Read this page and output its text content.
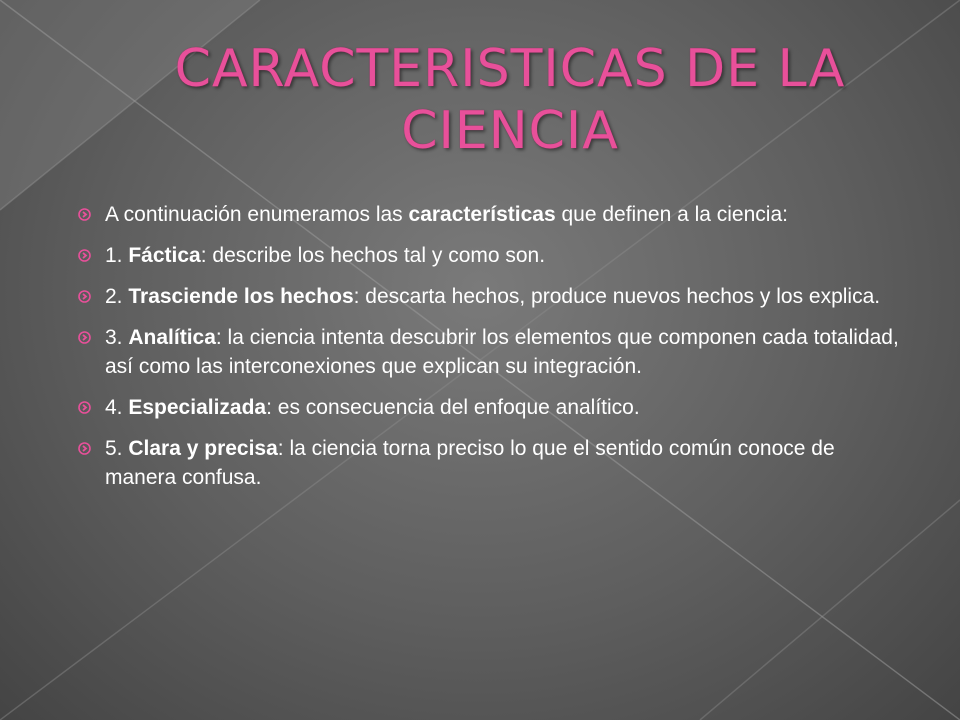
CARACTERISTICAS DE LA
CIENCIA
A continuación enumeramos las características que definen a la ciencia:
1. Fáctica: describe los hechos tal y como son.
2. Trasciende los hechos: descarta hechos, produce nuevos hechos y los explica.
3. Analítica: la ciencia intenta descubrir los elementos que componen cada totalidad, así como las interconexiones que explican su integración.
4. Especializada: es consecuencia del enfoque analítico.
5. Clara y precisa: la ciencia torna preciso lo que el sentido común conoce de manera confusa.
